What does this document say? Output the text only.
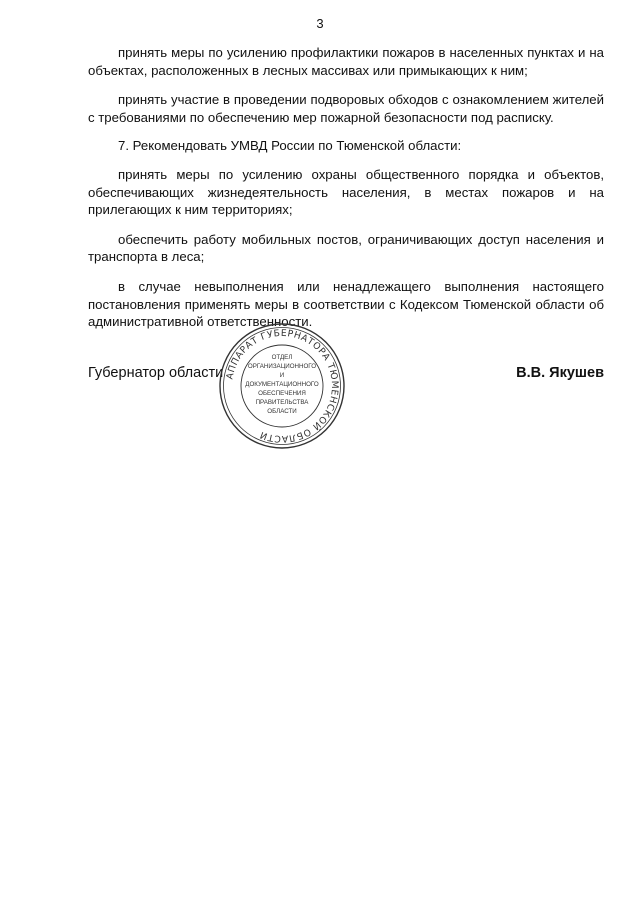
3

принять меры по усилению профилактики пожаров в населенных пунктах и на объектах, расположенных в лесных массивах или примыкающих к ним;

принять участие в проведении подворовых обходов с ознакомлением жителей с требованиями по обеспечению мер пожарной безопасности под расписку.

7. Рекомендовать УМВД России по Тюменской области:

принять меры по усилению охраны общественного порядка и объектов, обеспечивающих жизнедеятельность населения, в местах пожаров и на прилегающих к ним территориях;

обеспечить работу мобильных постов, ограничивающих доступ населения и транспорта в леса;

в случае невыполнения или ненадлежащего выполнения настоящего постановления применять меры в соответствии с Кодексом Тюменской области об административной ответственности.

Губернатор области	В.В. Якушев
АППАРАТ ГУБЕРНАТОРА ТЮМЕНСКОЙ ОБЛАСТИ
ОТДЕЛ
ОРГАНИЗАЦИОННОГО
И
ДОКУМЕНТАЦИОННОГО
ОБЕСПЕЧЕНИЯ
ПРАВИТЕЛЬСТВА
ОБЛАСТИ
